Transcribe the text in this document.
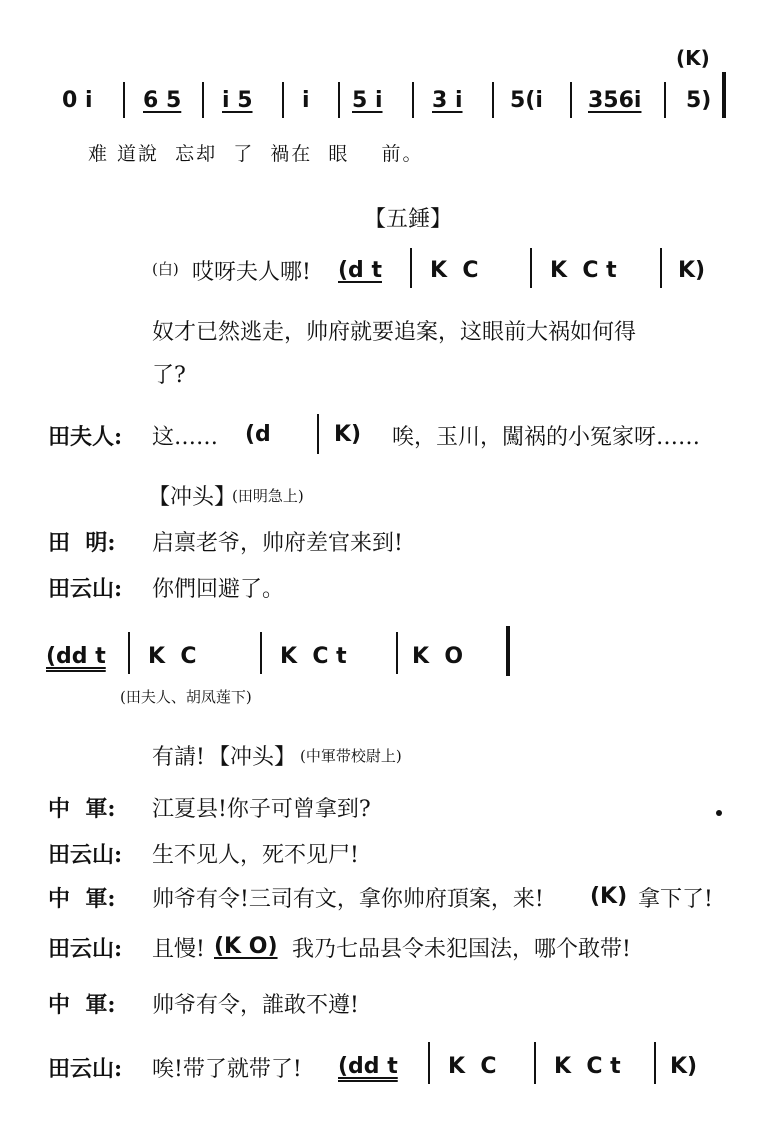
(K)
0 i 6 5 i 5 i 5 i 3 i 5(i 356i 5)
难 道說  忘却  了  禍在  眼    前。
【五錘】
(白) 哎呀夫人哪! (d t K  C	K  C t	K)
奴才已然逃走，帅府就要追案，这眼前大祸如何得
了?
田夫人: 这…… (d	K) 唉，玉川，闖祸的小冤家呀……
【冲头】
(田明急上)
田  明: 启禀老爷，帅府差官来到!
田云山: 你們回避了。
(dd t K  C	K  C t	K  O
(田夫人、胡凤莲下)
有請! 【冲头】 (中軍带校尉上)
中  軍: 江夏县!你子可曾拿到?
田云山: 生不见人，死不见尸!
中  軍: 帅爷有令!三司有文，拿你帅府頂案，来! (K) 拿下了!
田云山: 且慢! (K O) 我乃七品县令未犯国法，哪个敢带!
中  軍: 帅爷有令，誰敢不遵!
田云山: 唉!带了就带了! (dd t K  C	K  C t K)
